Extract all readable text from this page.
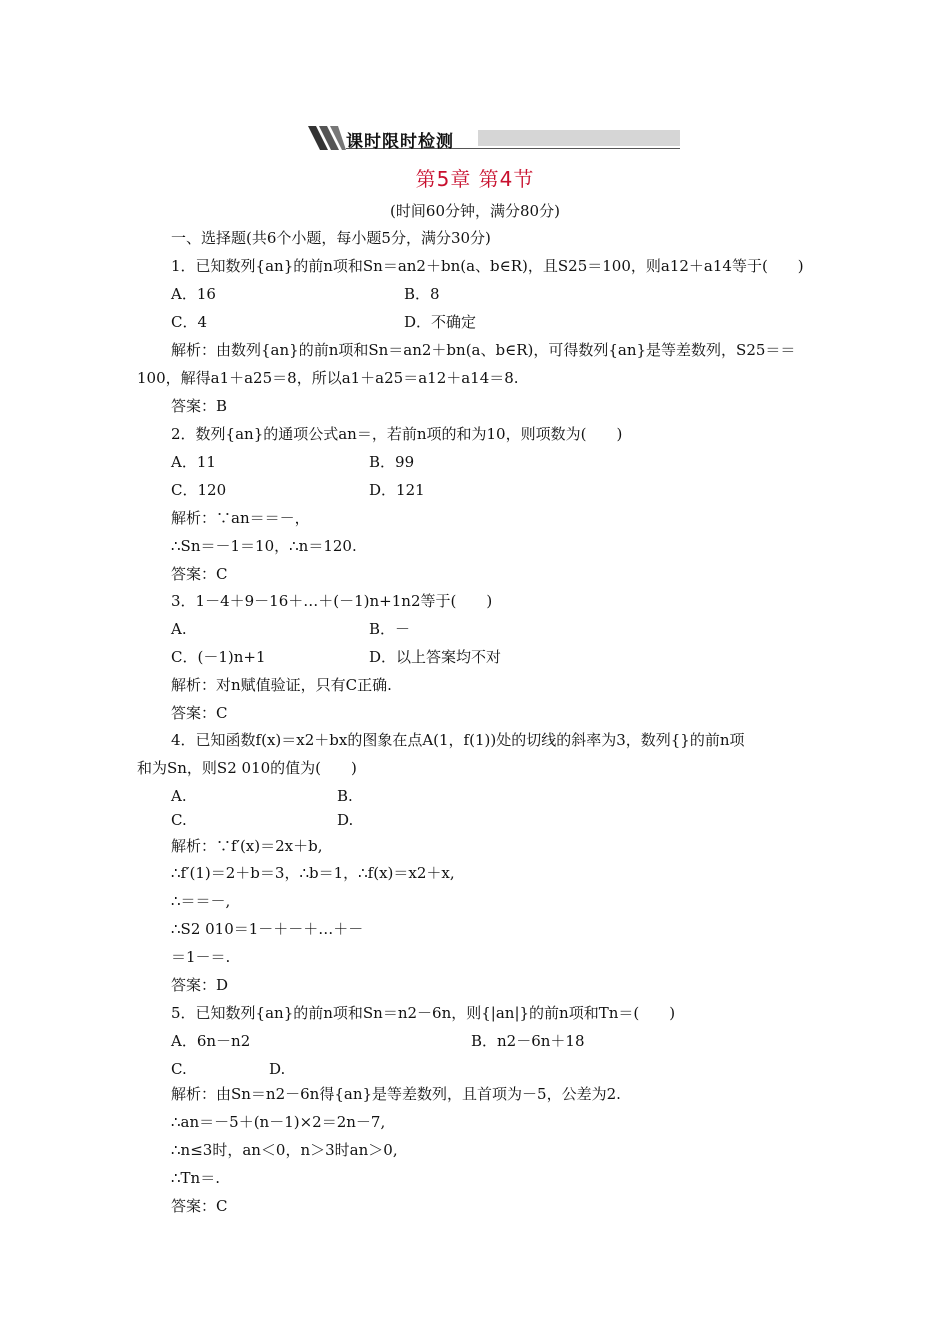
课时限时检测
第5章 第4节
(时间60分钟，满分80分)
一、选择题(共6个小题，每小题5分，满分30分)
1．已知数列{an}的前n项和Sn＝an2＋bn(a、b∈R)，且S25＝100，则a12＋a14等于(　　)
A．16	B．8
C．4	D．不确定
解析：由数列{an}的前n项和Sn＝an2＋bn(a、b∈R)，可得数列{an}是等差数列，S25＝＝
100，解得a1＋a25＝8，所以a1＋a25＝a12＋a14＝8.
答案：B
2．数列{an}的通项公式an＝，若前n项的和为10，则项数为(　　)
A．11	B．99
C．120	D．121
解析：∵an＝＝－，
∴Sn＝－1＝10，∴n＝120.
答案：C
3．1－4＋9－16＋…＋(－1)n+1n2等于(　　)
A.	B．－
C．(－1)n+1	D．以上答案均不对
解析：对n赋值验证，只有C正确.
答案：C
4．已知函数f(x)＝x2＋bx的图象在点A(1，f(1))处的切线的斜率为3，数列{}的前n项
和为Sn，则S2 010的值为(　　)
A.	B.
C.	D.
解析：∵f′(x)＝2x＋b,
∴f′(1)＝2＋b＝3，∴b＝1，∴f(x)＝x2＋x,
∴＝＝－,
∴S2 010＝1－＋－＋…＋－
＝1－＝.
答案：D
5．已知数列{an}的前n项和Sn＝n2－6n，则{|an|}的前n项和Tn＝(　　)
A．6n－n2	B．n2－6n＋18
C.	D.
解析：由Sn＝n2－6n得{an}是等差数列，且首项为－5，公差为2.
∴an＝－5＋(n－1)×2＝2n－7,
∴n≤3时，an＜0，n＞3时an＞0,
∴Tn＝.
答案：C
